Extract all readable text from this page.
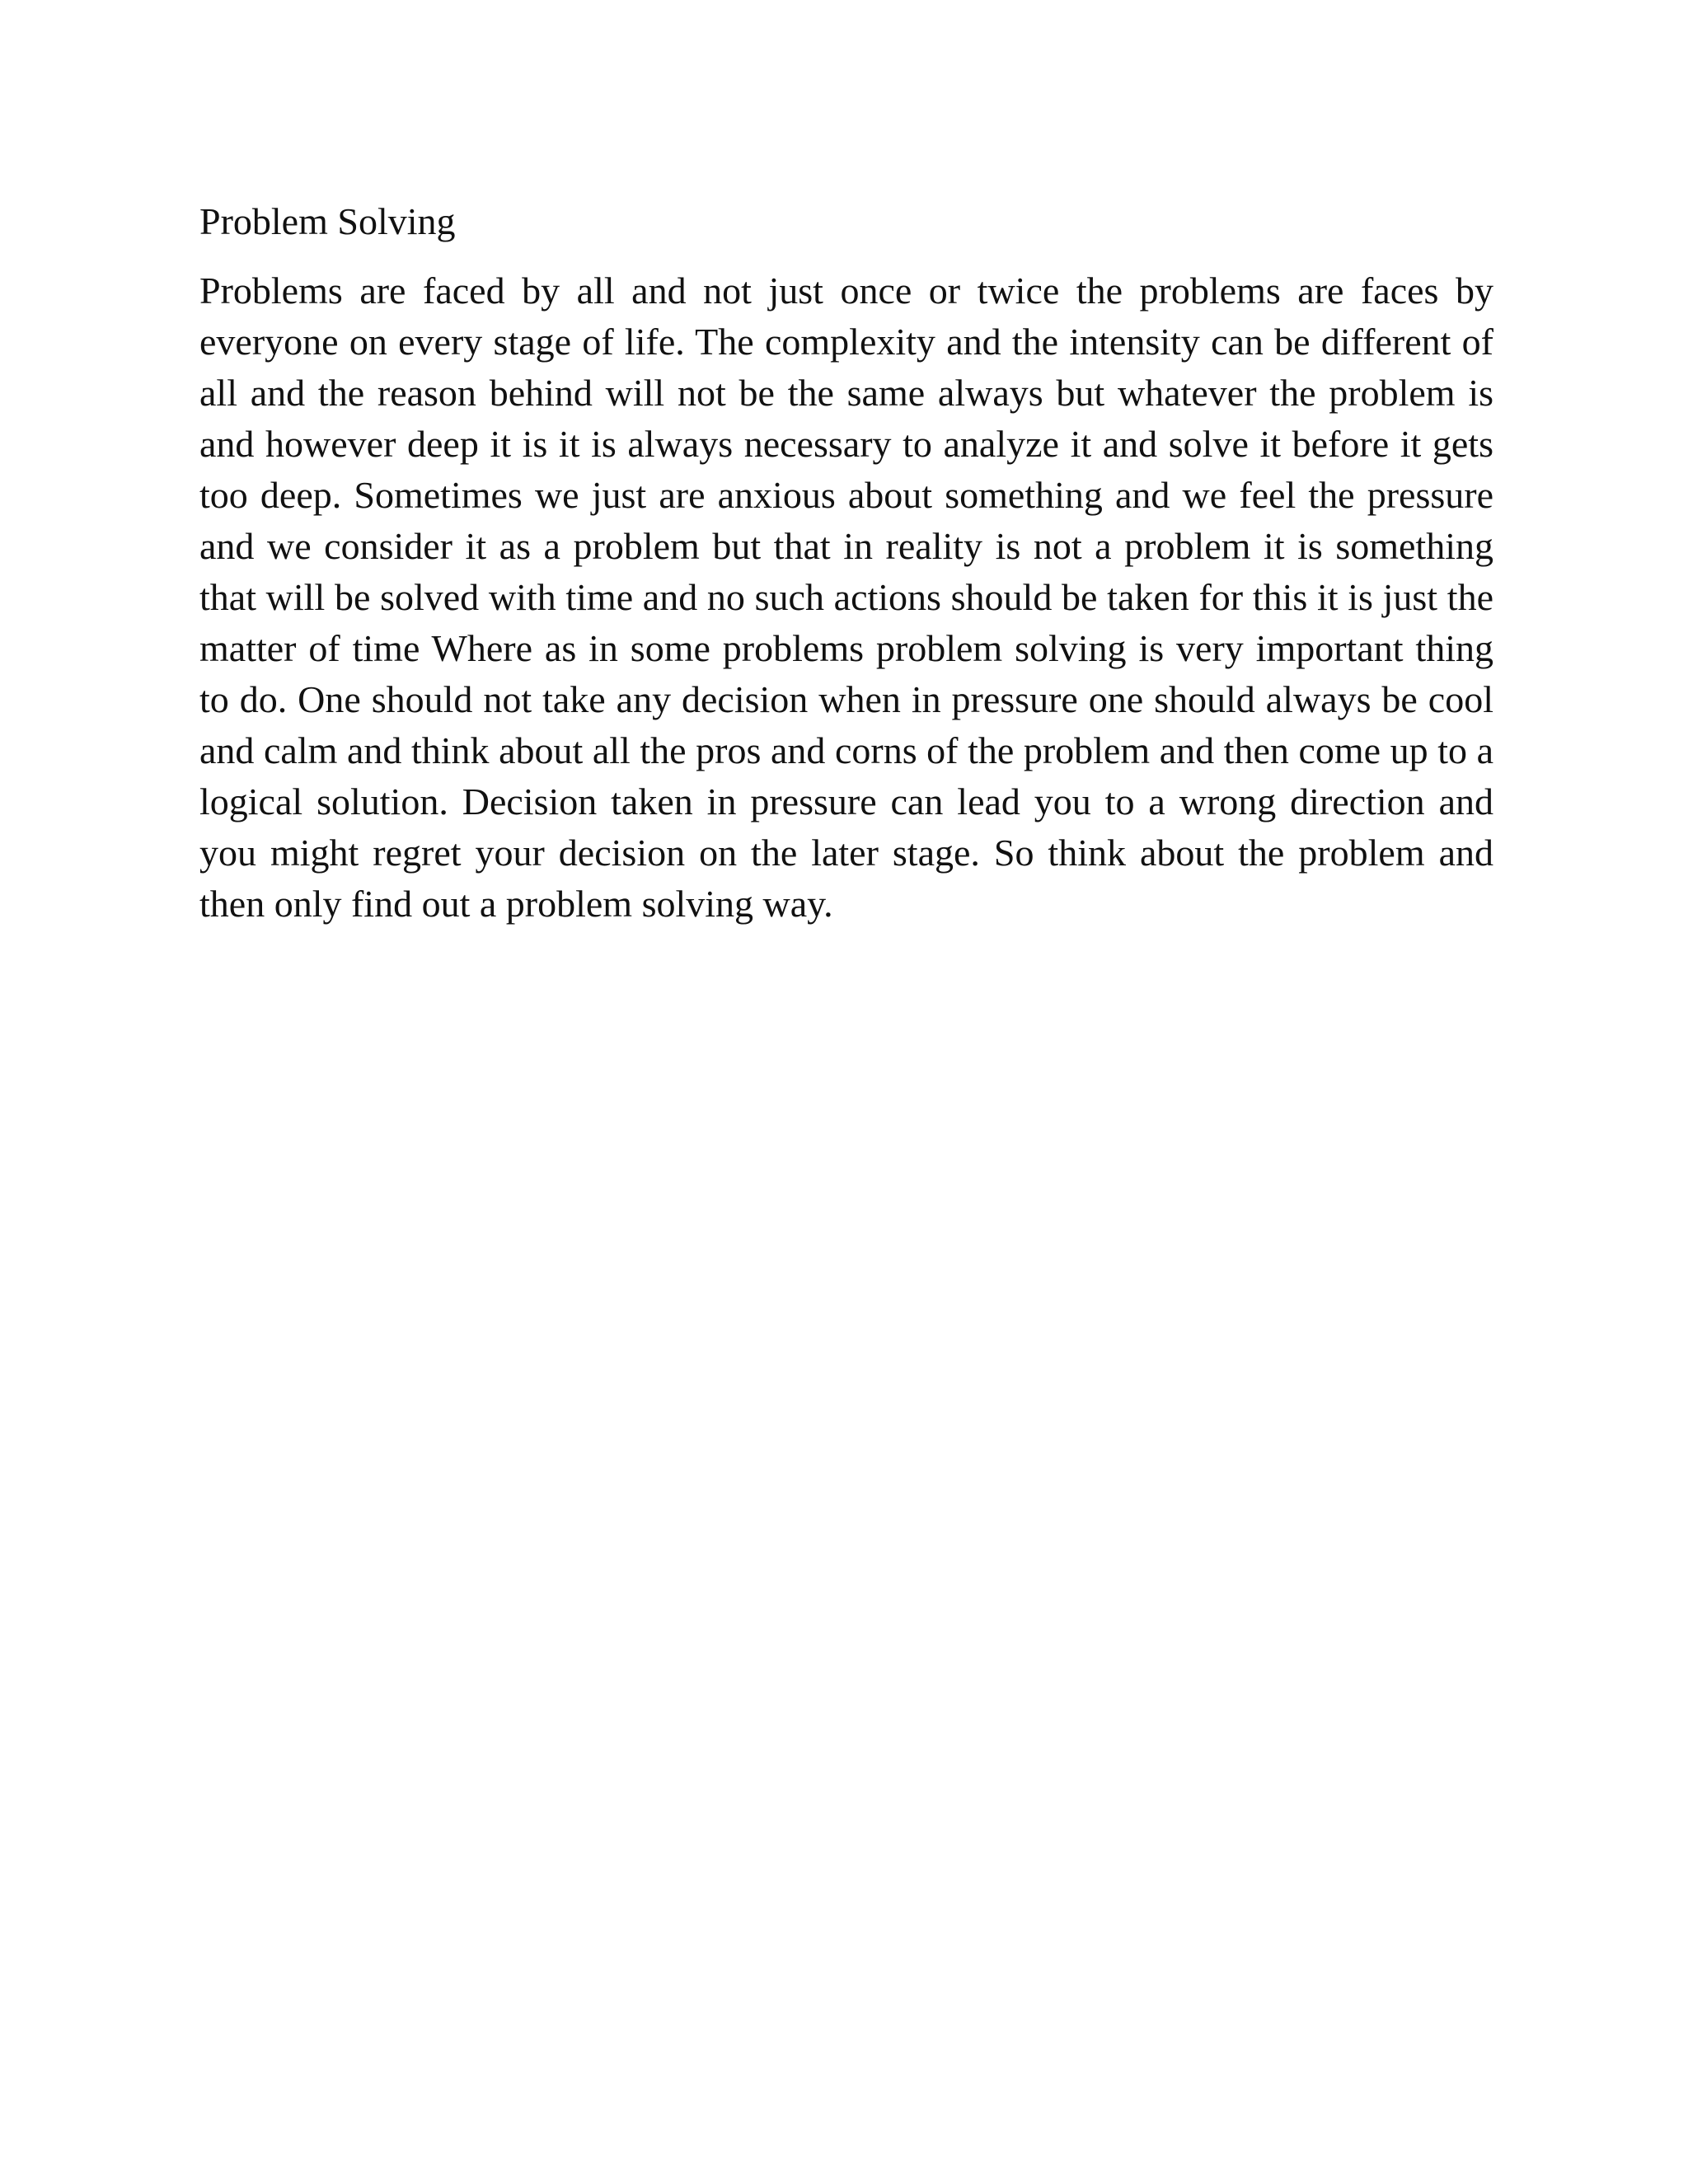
Problem Solving

Problems are faced by all and not just once or twice the problems are faces by everyone on every stage of life. The complexity and the intensity can be different of all and the reason behind will not be the same always but whatever the problem is and however deep it is it is always necessary to analyze it and solve it before it gets too deep. Sometimes we just are anxious about something and we feel the pressure and we consider it as a problem but that in reality is not a problem it is something that will be solved with time and no such actions should be taken for this it is just the matter of time Where as in some problems problem solving is very important thing to do. One should not take any decision when in pressure one should always be cool and calm and think about all the pros and corns of the problem and then come up to a logical solution. Decision taken in pressure can lead you to a wrong direction and you might regret your decision on the later stage. So think about the problem and then only find out a problem solving way.
